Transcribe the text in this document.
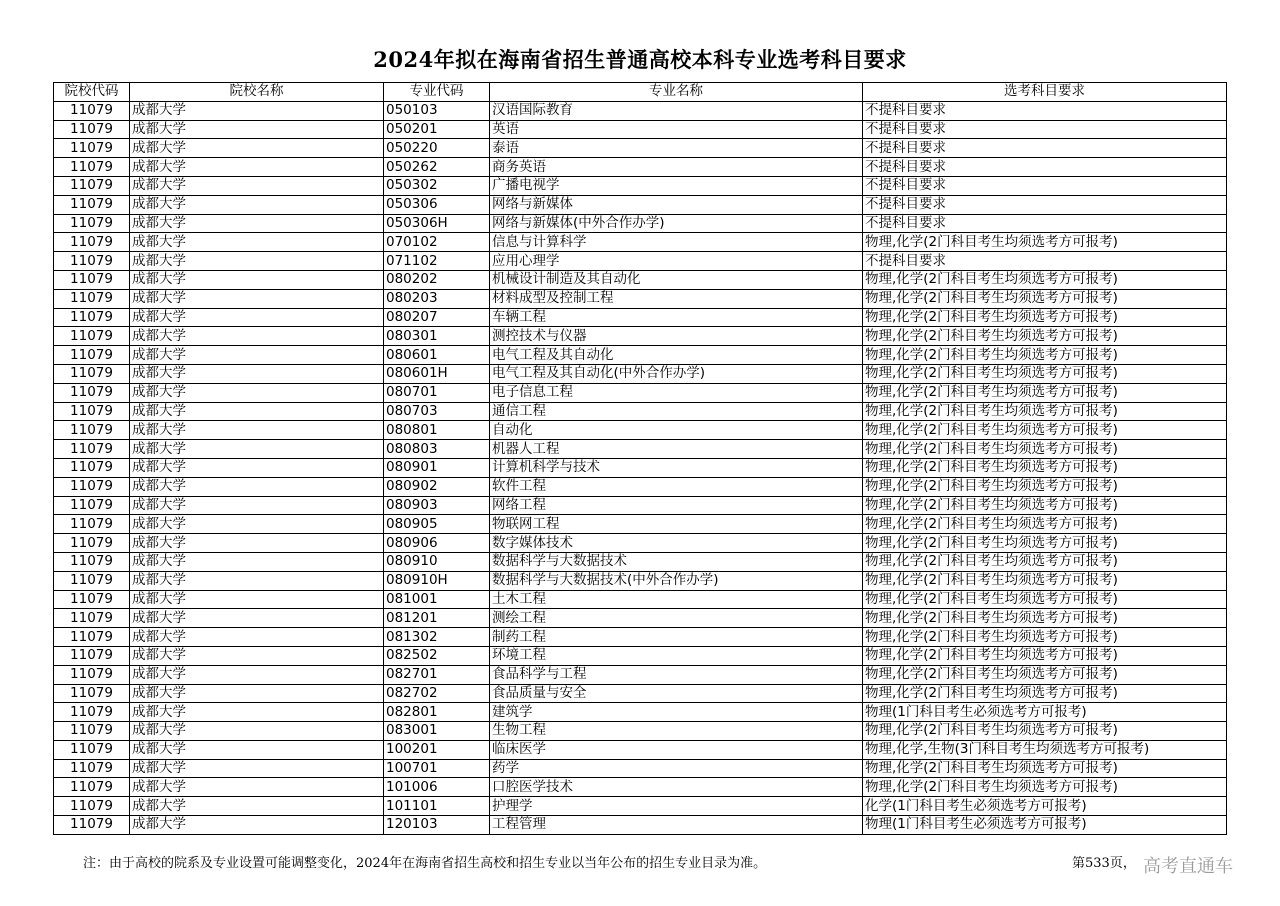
2024年拟在海南省招生普通高校本科专业选考科目要求
院校代码	院校名称	专业代码	专业名称	选考科目要求
11079	成都大学	050103	汉语国际教育	不提科目要求
11079	成都大学	050201	英语	不提科目要求
11079	成都大学	050220	泰语	不提科目要求
11079	成都大学	050262	商务英语	不提科目要求
11079	成都大学	050302	广播电视学	不提科目要求
11079	成都大学	050306	网络与新媒体	不提科目要求
11079	成都大学	050306H	网络与新媒体(中外合作办学)	不提科目要求
11079	成都大学	070102	信息与计算科学	物理,化学(2门科目考生均须选考方可报考)
11079	成都大学	071102	应用心理学	不提科目要求
11079	成都大学	080202	机械设计制造及其自动化	物理,化学(2门科目考生均须选考方可报考)
11079	成都大学	080203	材料成型及控制工程	物理,化学(2门科目考生均须选考方可报考)
11079	成都大学	080207	车辆工程	物理,化学(2门科目考生均须选考方可报考)
11079	成都大学	080301	测控技术与仪器	物理,化学(2门科目考生均须选考方可报考)
11079	成都大学	080601	电气工程及其自动化	物理,化学(2门科目考生均须选考方可报考)
11079	成都大学	080601H	电气工程及其自动化(中外合作办学)	物理,化学(2门科目考生均须选考方可报考)
11079	成都大学	080701	电子信息工程	物理,化学(2门科目考生均须选考方可报考)
11079	成都大学	080703	通信工程	物理,化学(2门科目考生均须选考方可报考)
11079	成都大学	080801	自动化	物理,化学(2门科目考生均须选考方可报考)
11079	成都大学	080803	机器人工程	物理,化学(2门科目考生均须选考方可报考)
11079	成都大学	080901	计算机科学与技术	物理,化学(2门科目考生均须选考方可报考)
11079	成都大学	080902	软件工程	物理,化学(2门科目考生均须选考方可报考)
11079	成都大学	080903	网络工程	物理,化学(2门科目考生均须选考方可报考)
11079	成都大学	080905	物联网工程	物理,化学(2门科目考生均须选考方可报考)
11079	成都大学	080906	数字媒体技术	物理,化学(2门科目考生均须选考方可报考)
11079	成都大学	080910	数据科学与大数据技术	物理,化学(2门科目考生均须选考方可报考)
11079	成都大学	080910H	数据科学与大数据技术(中外合作办学)	物理,化学(2门科目考生均须选考方可报考)
11079	成都大学	081001	土木工程	物理,化学(2门科目考生均须选考方可报考)
11079	成都大学	081201	测绘工程	物理,化学(2门科目考生均须选考方可报考)
11079	成都大学	081302	制药工程	物理,化学(2门科目考生均须选考方可报考)
11079	成都大学	082502	环境工程	物理,化学(2门科目考生均须选考方可报考)
11079	成都大学	082701	食品科学与工程	物理,化学(2门科目考生均须选考方可报考)
11079	成都大学	082702	食品质量与安全	物理,化学(2门科目考生均须选考方可报考)
11079	成都大学	082801	建筑学	物理(1门科目考生必须选考方可报考)
11079	成都大学	083001	生物工程	物理,化学(2门科目考生均须选考方可报考)
11079	成都大学	100201	临床医学	物理,化学,生物(3门科目考生均须选考方可报考)
11079	成都大学	100701	药学	物理,化学(2门科目考生均须选考方可报考)
11079	成都大学	101006	口腔医学技术	物理,化学(2门科目考生均须选考方可报考)
11079	成都大学	101101	护理学	化学(1门科目考生必须选考方可报考)
11079	成都大学	120103	工程管理	物理(1门科目考生必须选考方可报考)
注：由于高校的院系及专业设置可能调整变化，2024年在海南省招生高校和招生专业以当年公布的招生专业目录为准。	第533页， 高考直通车
